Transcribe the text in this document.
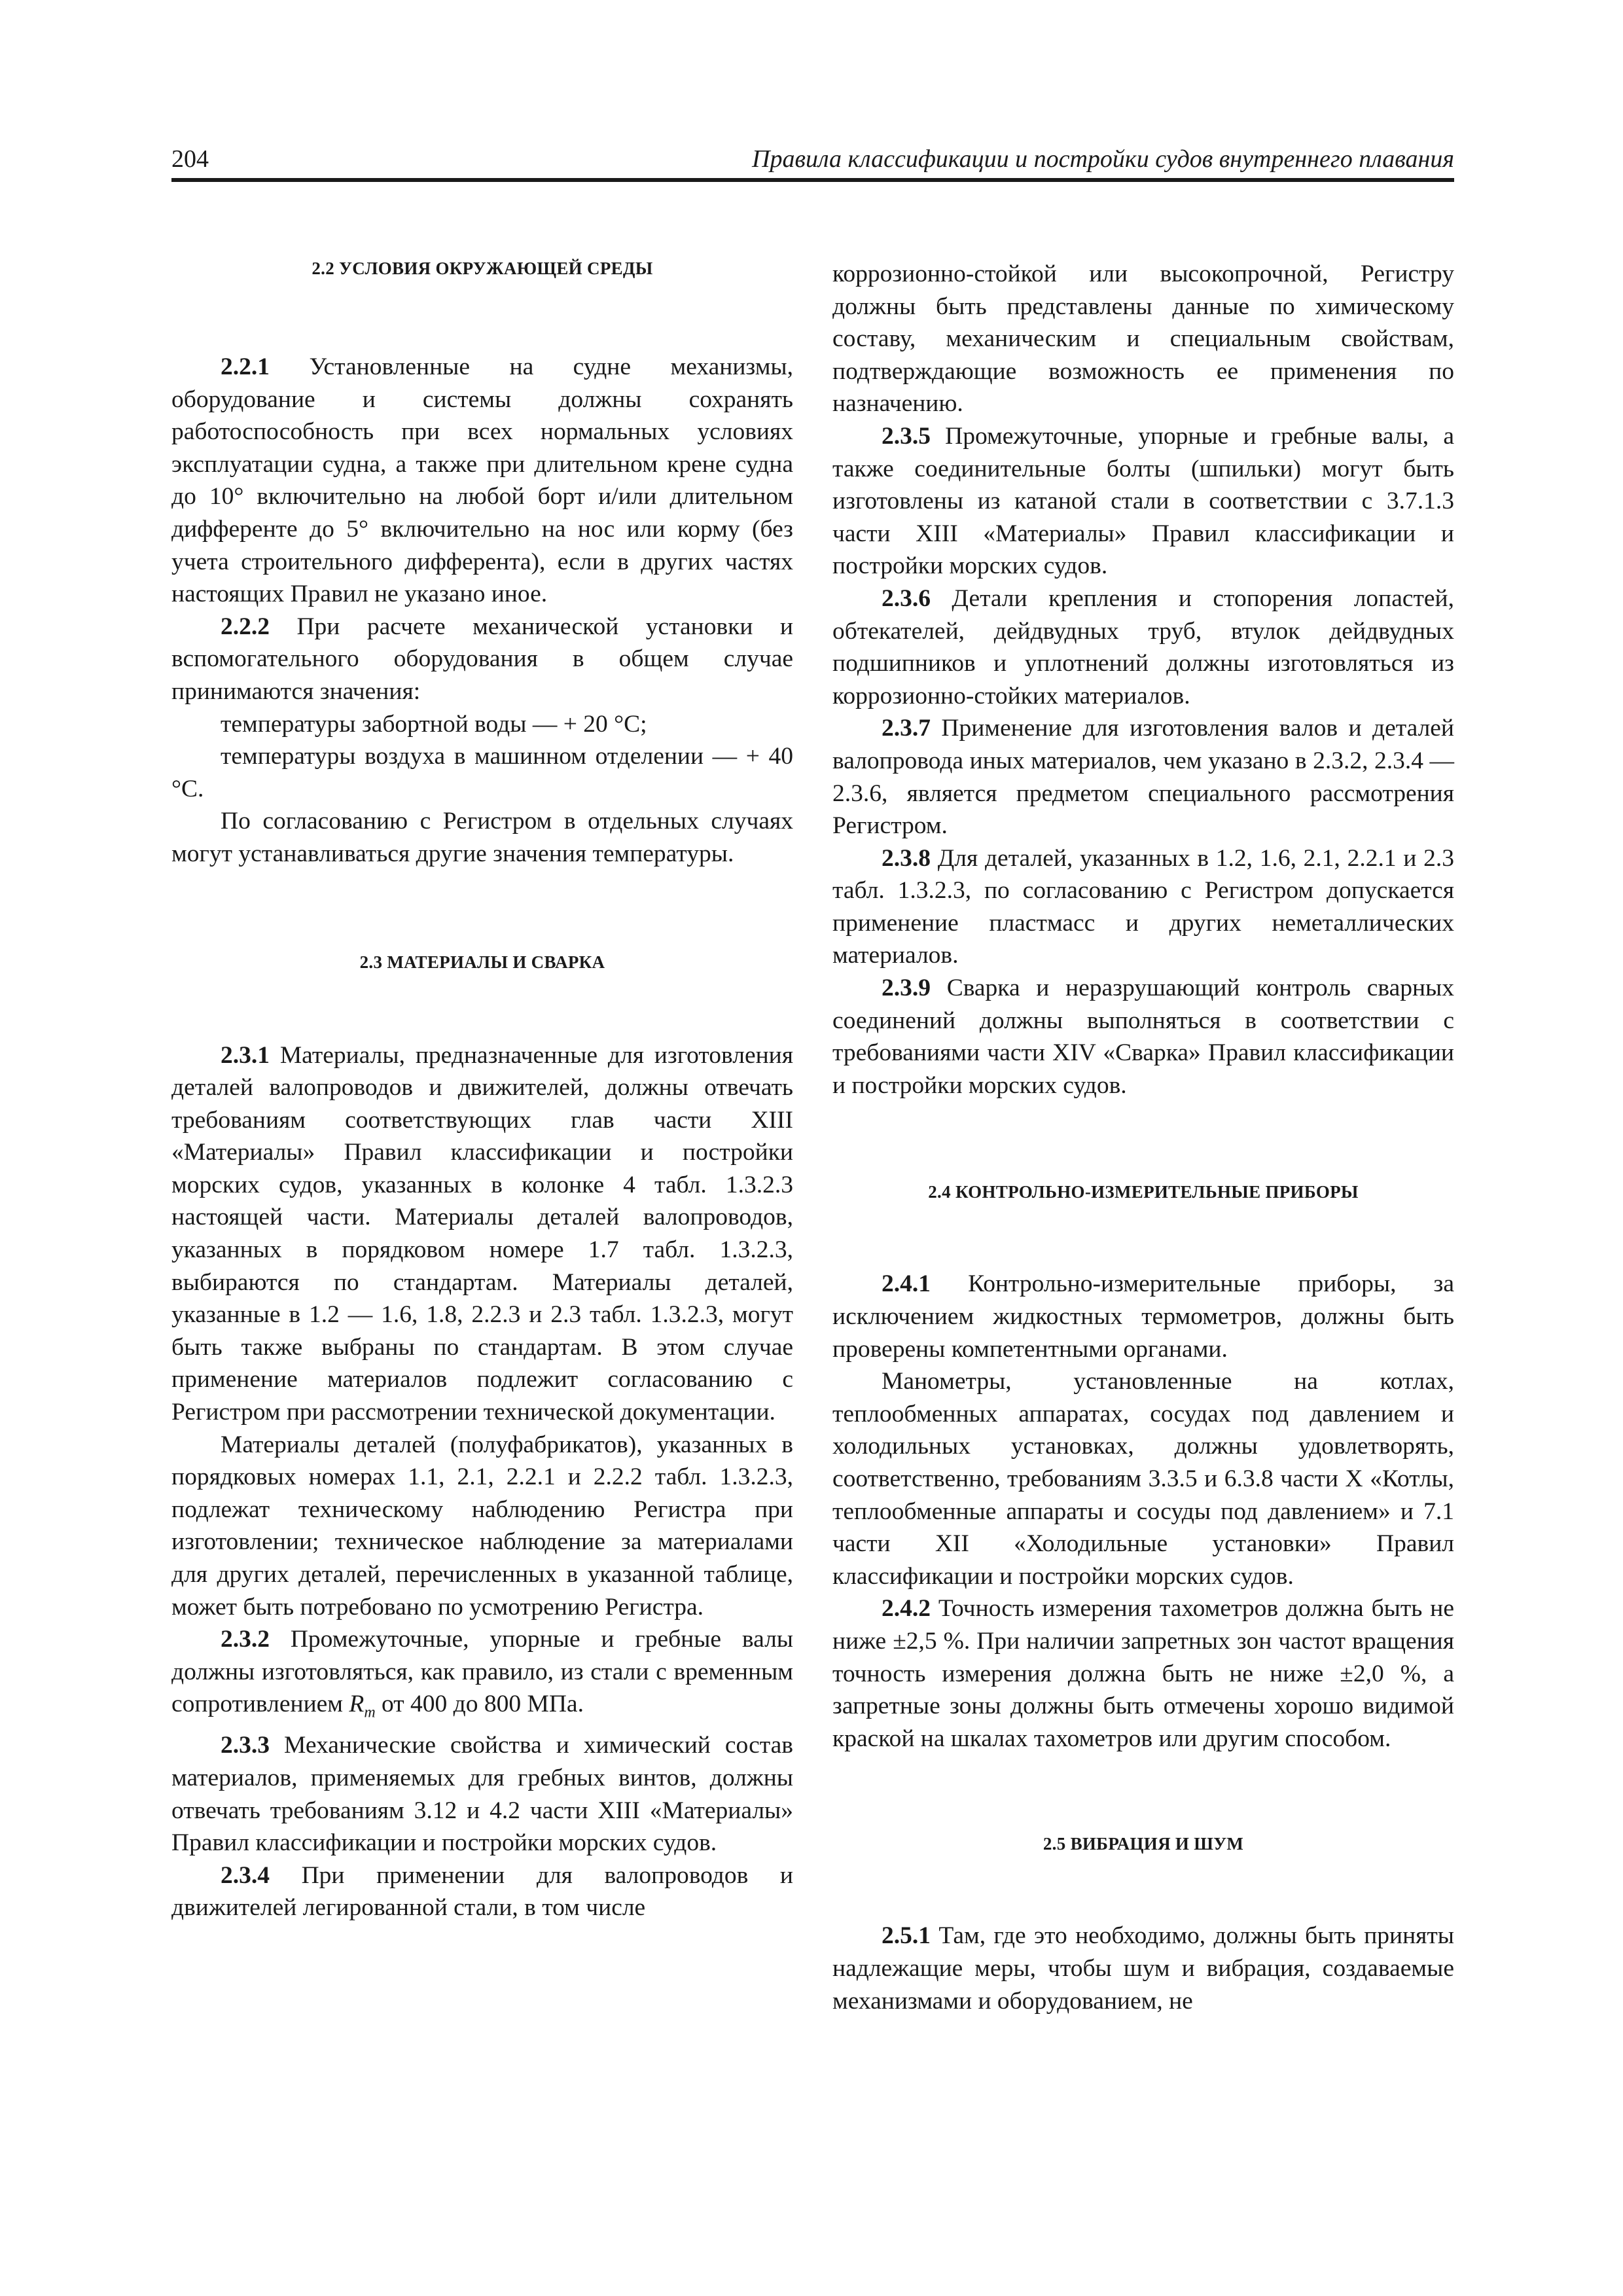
204	Правила классификации и постройки судов внутреннего плавания
2.2 УСЛОВИЯ ОКРУЖАЮЩЕЙ СРЕДЫ

2.2.1 Установленные на судне механизмы, оборудование и системы должны сохранять работоспособность при всех нормальных условиях эксплуатации судна, а также при длительном крене судна до 10° включительно на любой борт и/или длительном дифференте до 5° включительно на нос или корму (без учета строительного дифферента), если в других частях настоящих Правил не указано иное.

2.2.2 При расчете механической установки и вспомогательного оборудования в общем случае принимаются значения:

температуры забортной воды — + 20 °С;

температуры воздуха в машинном отделении — + 40 °С.

По согласованию с Регистром в отдельных случаях могут устанавливаться другие значения температуры.

2.3 МАТЕРИАЛЫ И СВАРКА

2.3.1 Материалы, предназначенные для изготовления деталей валопроводов и движителей, должны отвечать требованиям соответствующих глав части XIII «Материалы» Правил классификации и постройки морских судов, указанных в колонке 4 табл. 1.3.2.3 настоящей части. Материалы деталей валопроводов, указанных в порядковом номере 1.7 табл. 1.3.2.3, выбираются по стандартам. Материалы деталей, указанные в 1.2 — 1.6, 1.8, 2.2.3 и 2.3 табл. 1.3.2.3, могут быть также выбраны по стандартам. В этом случае применение материалов подлежит согласованию с Регистром при рассмотрении технической документации.

Материалы деталей (полуфабрикатов), указанных в порядковых номерах 1.1, 2.1, 2.2.1 и 2.2.2 табл. 1.3.2.3, подлежат техническому наблюдению Регистра при изготовлении; техническое наблюдение за материалами для других деталей, перечисленных в указанной таблице, может быть потребовано по усмотрению Регистра.

2.3.2 Промежуточные, упорные и гребные валы должны изготовляться, как правило, из стали с временным сопротивлением $R_m$ от 400 до 800 МПа.

2.3.3 Механические свойства и химический состав материалов, применяемых для гребных винтов, должны отвечать требованиям 3.12 и 4.2 части XIII «Материалы» Правил классификации и постройки морских судов.

2.3.4 При применении для валопроводов и движителей легированной стали, в том числе

коррозионно-стойкой или высокопрочной, Регистру должны быть представлены данные по химическому составу, механическим и специальным свойствам, подтверждающие возможность ее применения по назначению.

2.3.5 Промежуточные, упорные и гребные валы, а также соединительные болты (шпильки) могут быть изготовлены из катаной стали в соответствии с 3.7.1.3 части XIII «Материалы» Правил классификации и постройки морских судов.

2.3.6 Детали крепления и стопорения лопастей, обтекателей, дейдвудных труб, втулок дейдвудных подшипников и уплотнений должны изготовляться из коррозионно-стойких материалов.

2.3.7 Применение для изготовления валов и деталей валопровода иных материалов, чем указано в 2.3.2, 2.3.4 — 2.3.6, является предметом специального рассмотрения Регистром.

2.3.8 Для деталей, указанных в 1.2, 1.6, 2.1, 2.2.1 и 2.3 табл. 1.3.2.3, по согласованию с Регистром допускается применение пластмасс и других неметаллических материалов.

2.3.9 Сварка и неразрушающий контроль сварных соединений должны выполняться в соответствии с требованиями части XIV «Сварка» Правил классификации и постройки морских судов.

2.4 КОНТРОЛЬНО-ИЗМЕРИТЕЛЬНЫЕ ПРИБОРЫ

2.4.1 Контрольно-измерительные приборы, за исключением жидкостных термометров, должны быть проверены компетентными органами.

Манометры, установленные на котлах, теплообменных аппаратах, сосудах под давлением и холодильных установках, должны удовлетворять, соответственно, требованиям 3.3.5 и 6.3.8 части X «Котлы, теплообменные аппараты и сосуды под давлением» и 7.1 части XII «Холодильные установки» Правил классификации и постройки морских судов.

2.4.2 Точность измерения тахометров должна быть не ниже ±2,5 %. При наличии запретных зон частот вращения точность измерения должна быть не ниже ±2,0 %, а запретные зоны должны быть отмечены хорошо видимой краской на шкалах тахометров или другим способом.

2.5 ВИБРАЦИЯ И ШУМ

2.5.1 Там, где это необходимо, должны быть приняты надлежащие меры, чтобы шум и вибрация, создаваемые механизмами и оборудованием, не
